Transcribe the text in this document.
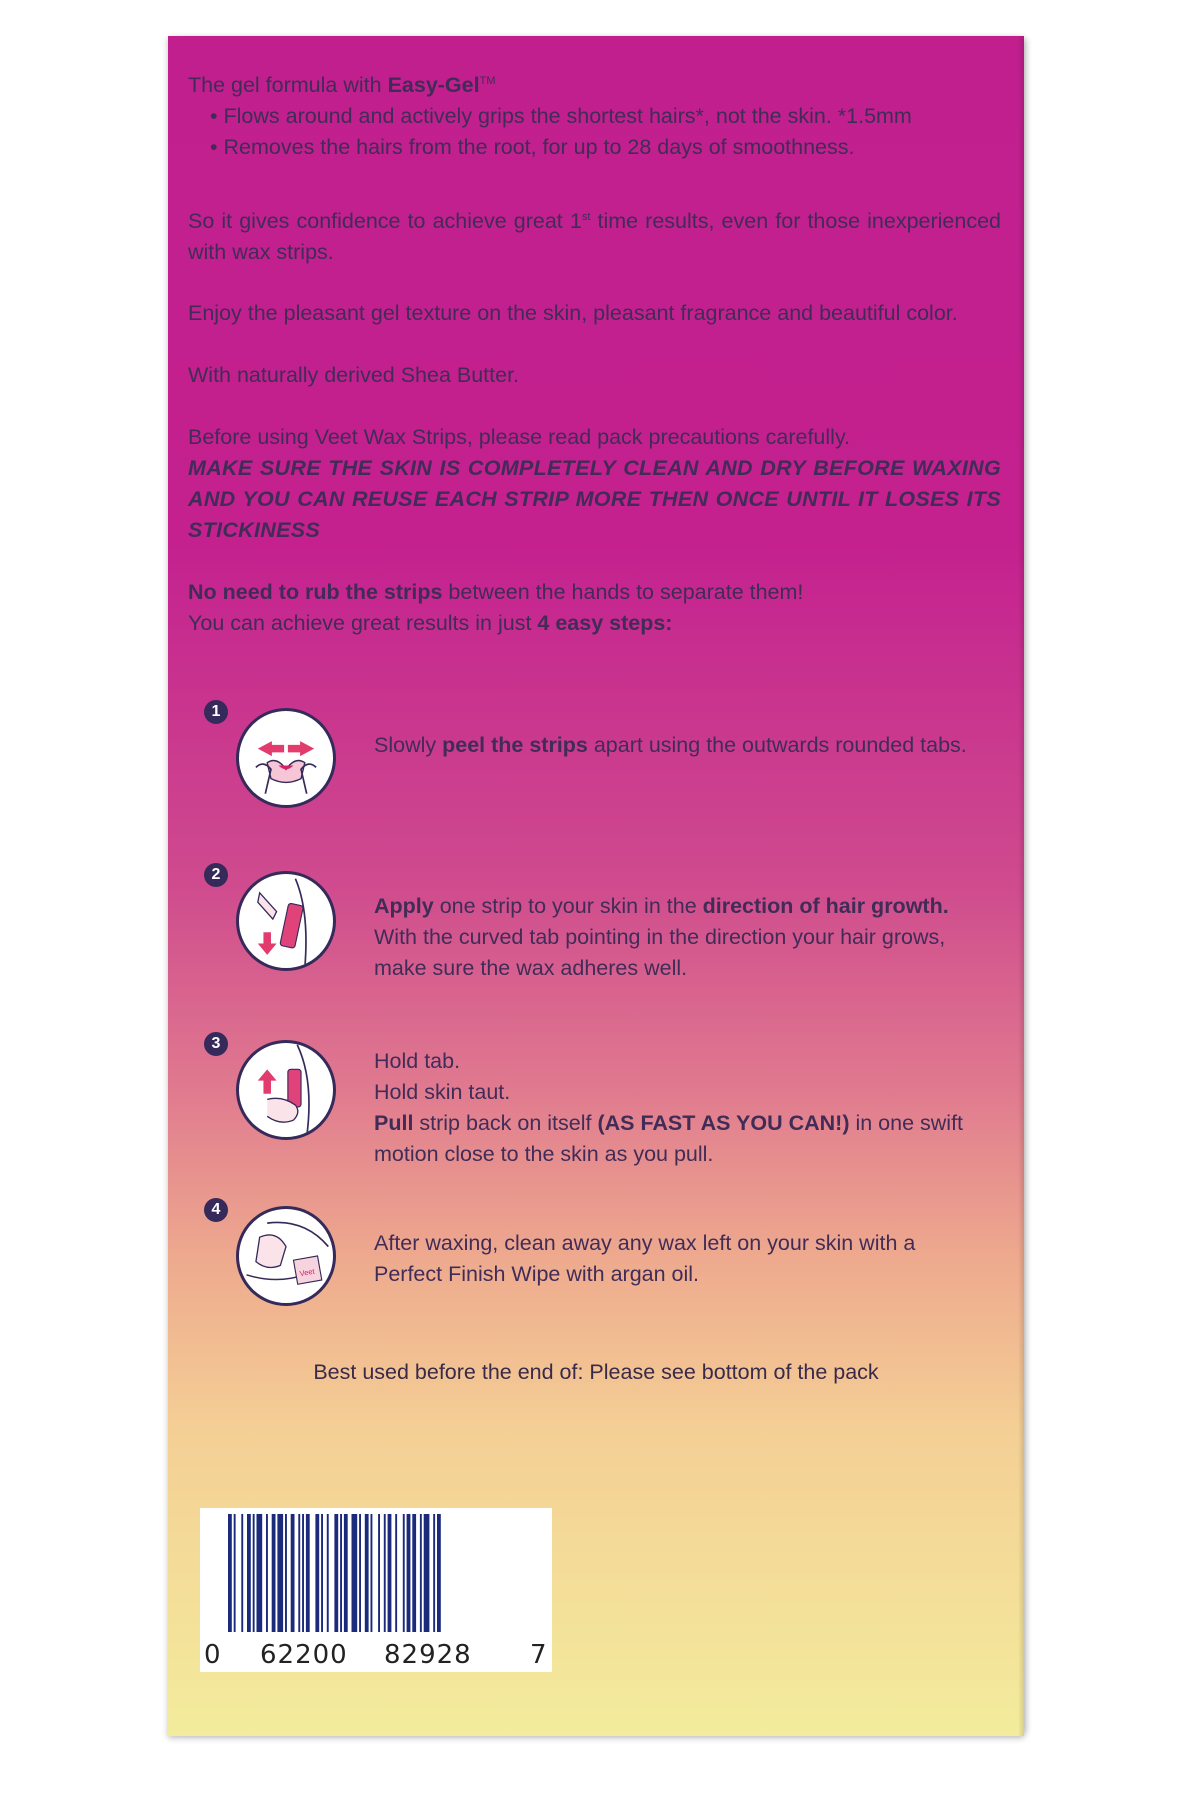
The gel formula with Easy-Gel™
• Flows around and actively grips the shortest hairs*, not the skin. *1.5mm
• Removes the hairs from the root, for up to 28 days of smoothness.
So it gives confidence to achieve great 1st time results, even for those inexperienced with wax strips.
Enjoy the pleasant gel texture on the skin, pleasant fragrance and beautiful color.
With naturally derived Shea Butter.
Before using Veet Wax Strips, please read pack precautions carefully.
MAKE SURE THE SKIN IS COMPLETELY CLEAN AND DRY BEFORE WAXING AND YOU CAN REUSE EACH STRIP MORE THEN ONCE UNTIL IT LOSES ITS STICKINESS
No need to rub the strips between the hands to separate them!
You can achieve great results in just 4 easy steps:
1
Slowly peel the strips apart using the outwards rounded tabs.
2
Apply one strip to your skin in the direction of hair growth. With the curved tab pointing in the direction your hair grows, make sure the wax adheres well.
3
Hold tab.
Hold skin taut.
Pull strip back on itself (AS FAST AS YOU CAN!) in one swift motion close to the skin as you pull.
4
Veet
After waxing, clean away any wax left on your skin with a Perfect Finish Wipe with argan oil.
Best used before the end of: Please see bottom of the pack
0 62200 82928 7
